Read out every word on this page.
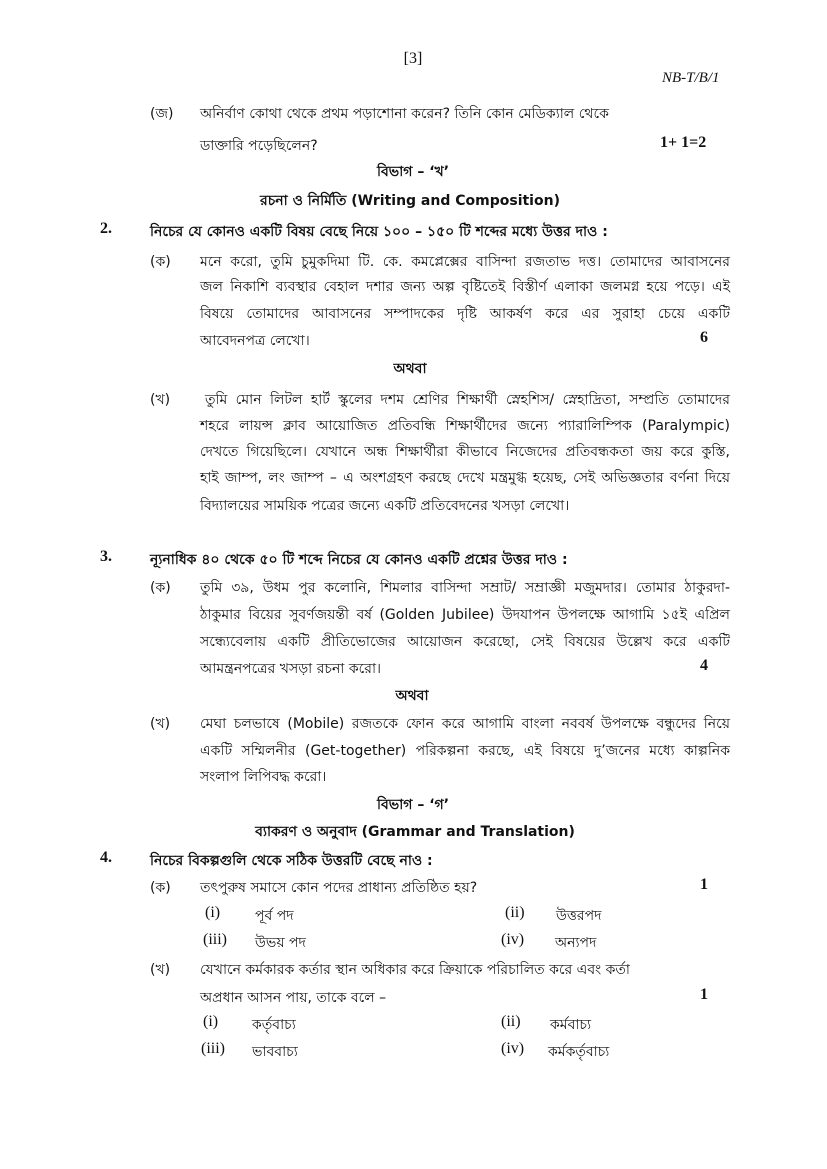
[3]
NB-T/B/1
(জ) অনির্বাণ কোথা থেকে প্রথম পড়াশোনা করেন? তিনি কোন মেডিক্যাল থেকে
ডাক্তারি পড়েছিলেন?	1+ 1=2
বিভাগ – ‘খ’
রচনা ও নির্মিতি (Writing and Composition)
2.	নিচের যে কোনও একটি বিষয় বেছে নিয়ে ১০০ – ১৫০ টি শব্দের মধ্যে উত্তর দাও :
(ক) মনে করো, তুমি চুমুকদিমা টি. কে. কমপ্লেক্সের বাসিন্দা রজতাভ দত্ত। তোমাদের আবাসনের
জল নিকাশি ব্যবস্থার বেহাল দশার জন্য অল্প বৃষ্টিতেই বিস্তীর্ণ এলাকা জলমগ্ন হয়ে পড়ে। এই
বিষয়ে তোমাদের আবাসনের সম্পাদকের দৃষ্টি আকর্ষণ করে এর সুরাহা চেয়ে একটি
আবেদনপত্র লেখো।	6
অথবা
(খ) তুমি মোন লিটল হার্ট স্কুলের দশম শ্রেণির শিক্ষার্থী স্নেহশিস/ স্নেহাদ্রিতা, সম্প্রতি তোমাদের
শহরে লায়ন্স ক্লাব আয়োজিত প্রতিবন্ধি শিক্ষার্থীদের জন্যে প্যারালিম্পিক (Paralympic)
দেখতে গিয়েছিলে। যেখানে অন্ধ শিক্ষার্থীরা কীভাবে নিজেদের প্রতিবন্ধকতা জয় করে কুস্তি,
হাই জাম্প, লং জাম্প – এ অংশগ্রহণ করছে দেখে মন্ত্রমুগ্ধ হয়েছ, সেই অভিজ্ঞতার বর্ণনা দিয়ে
বিদ্যালয়ের সাময়িক পত্রের জন্যে একটি প্রতিবেদনের খসড়া লেখো।
3.	ন্যূনাধিক ৪০ থেকে ৫০ টি শব্দে নিচের যে কোনও একটি প্রশ্নের উত্তর দাও :
(ক) তুমি ৩৯, উধম পুর কলোনি, শিমলার বাসিন্দা সম্রাট/ সম্রাজ্ঞী মজুমদার। তোমার ঠাকুরদা-
ঠাকুমার বিয়ের সুবর্ণজয়ন্তী বর্ষ (Golden Jubilee) উদযাপন উপলক্ষে আগামি ১৫ই এপ্রিল
সন্ধ্যেবেলায় একটি প্রীতিভোজের আয়োজন করেছো, সেই বিষয়ের উল্লেখ করে একটি
আমন্ত্রনপত্রের খসড়া রচনা করো।	4
অথবা
(খ) মেঘা চলভাষে (Mobile) রজতকে ফোন করে আগামি বাংলা নববর্ষ উপলক্ষে বন্ধুদের নিয়ে
একটি সম্মিলনীর (Get-together) পরিকল্পনা করছে, এই বিষয়ে দু’জনের মধ্যে কাল্পনিক
সংলাপ লিপিবদ্ধ করো।
বিভাগ – ‘গ’
ব্যাকরণ ও অনুবাদ (Grammar and Translation)
4.	নিচের বিকল্পগুলি থেকে সঠিক উত্তরটি বেছে নাও :
(ক) তৎপুরুষ সমাসে কোন পদের প্রাধান্য প্রতিষ্ঠিত হয়?	1
(i) পূর্ব পদ	(ii) উত্তরপদ
(iii) উভয় পদ	(iv) অন্যপদ
(খ) যেখানে কর্মকারক কর্তার স্থান অধিকার করে ক্রিয়াকে পরিচালিত করে এবং কর্তা
অপ্রধান আসন পায়, তাকে বলে –	1
(i) কর্তৃবাচ্য	(ii) কর্মবাচ্য
(iii) ভাববাচ্য	(iv) কর্মকর্তৃবাচ্য
